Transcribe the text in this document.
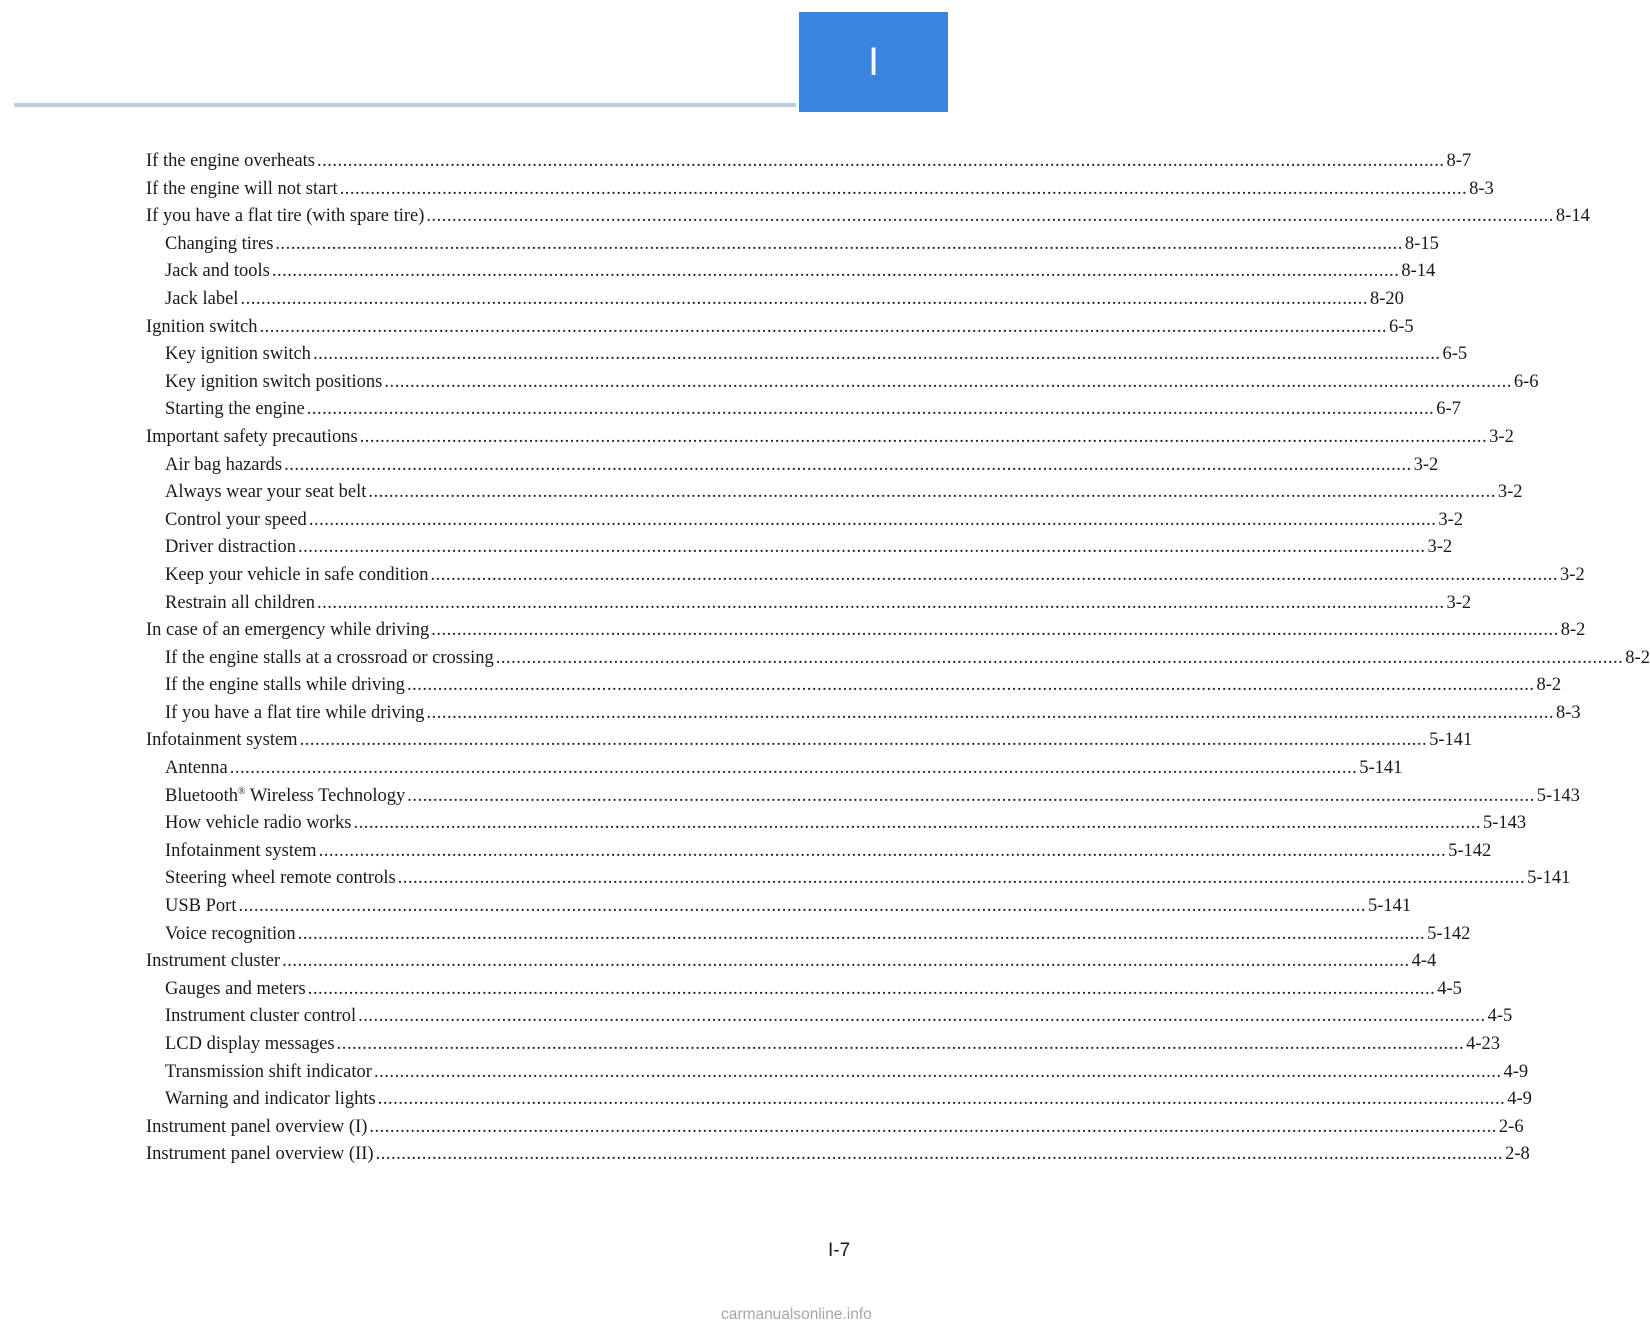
I
If the engine overheats ............................................................................................................................................................................................................................ 8-7
If the engine will not start ............................................................................................................................................................................................................................ 8-3
If you have a flat tire (with spare tire) ............................................................................................................................................................................................................................ 8-14
Changing tires ............................................................................................................................................................................................................................ 8-15
Jack and tools ............................................................................................................................................................................................................................ 8-14
Jack label ............................................................................................................................................................................................................................ 8-20
Ignition switch ............................................................................................................................................................................................................................ 6-5
Key ignition switch ............................................................................................................................................................................................................................ 6-5
Key ignition switch positions ............................................................................................................................................................................................................................ 6-6
Starting the engine ............................................................................................................................................................................................................................ 6-7
Important safety precautions ............................................................................................................................................................................................................................ 3-2
Air bag hazards ............................................................................................................................................................................................................................ 3-2
Always wear your seat belt ............................................................................................................................................................................................................................ 3-2
Control your speed ............................................................................................................................................................................................................................ 3-2
Driver distraction ............................................................................................................................................................................................................................ 3-2
Keep your vehicle in safe condition ............................................................................................................................................................................................................................ 3-2
Restrain all children ............................................................................................................................................................................................................................ 3-2
In case of an emergency while driving ............................................................................................................................................................................................................................ 8-2
If the engine stalls at a crossroad or crossing ............................................................................................................................................................................................................................ 8-2
If the engine stalls while driving ............................................................................................................................................................................................................................ 8-2
If you have a flat tire while driving ............................................................................................................................................................................................................................ 8-3
Infotainment system ............................................................................................................................................................................................................................ 5-141
Antenna ............................................................................................................................................................................................................................ 5-141
Bluetooth® Wireless Technology ............................................................................................................................................................................................................................ 5-143
How vehicle radio works ............................................................................................................................................................................................................................ 5-143
Infotainment system ............................................................................................................................................................................................................................ 5-142
Steering wheel remote controls ............................................................................................................................................................................................................................ 5-141
USB Port ............................................................................................................................................................................................................................ 5-141
Voice recognition ............................................................................................................................................................................................................................ 5-142
Instrument cluster ............................................................................................................................................................................................................................ 4-4
Gauges and meters ............................................................................................................................................................................................................................ 4-5
Instrument cluster control ............................................................................................................................................................................................................................ 4-5
LCD display messages ............................................................................................................................................................................................................................ 4-23
Transmission shift indicator ............................................................................................................................................................................................................................ 4-9
Warning and indicator lights ............................................................................................................................................................................................................................ 4-9
Instrument panel overview (I) ............................................................................................................................................................................................................................ 2-6
Instrument panel overview (II) ............................................................................................................................................................................................................................ 2-8
I-7
carmanualsonline.info
